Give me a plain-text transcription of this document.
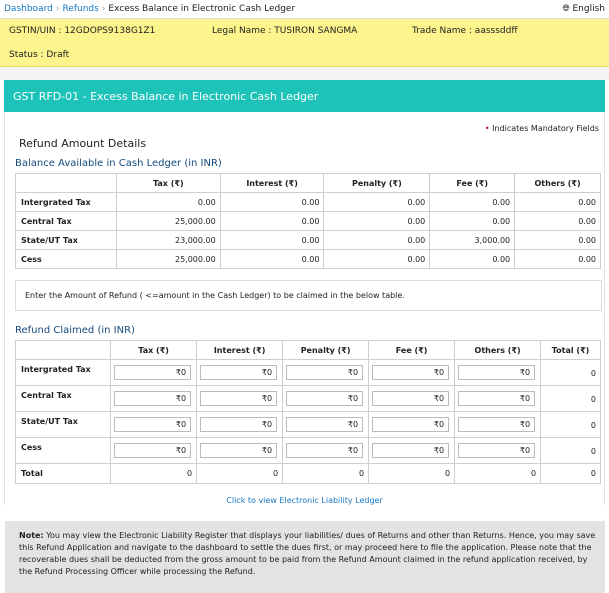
Dashboard › Refunds › Excess Balance in Electronic Cash Ledger	🌐︎ English
GSTIN/UIN : 12GDOPS9138G1Z1	Legal Name : TUSIRON SANGMA	Trade Name : aasssddff
Status : Draft
GST RFD-01 - Excess Balance in Electronic Cash Ledger
• Indicates Mandatory Fields
Refund Amount Details
Balance Available in Cash Ledger (in INR)
	Tax (₹)	Interest (₹)	Penalty (₹)	Fee (₹)	Others (₹)
Intergrated Tax	0.00	0.00	0.00	0.00	0.00
Central Tax	25,000.00	0.00	0.00	0.00	0.00
State/UT Tax	23,000.00	0.00	0.00	3,000.00	0.00
Cess	25,000.00	0.00	0.00	0.00	0.00
Enter the Amount of Refund ( <=amount in the Cash Ledger) to be claimed in the below table.
Refund Claimed (in INR)
	Tax (₹)	Interest (₹)	Penalty (₹)	Fee (₹)	Others (₹)	Total (₹)
Intergrated Tax	₹0	₹0	₹0	₹0	₹0	0
Central Tax	₹0	₹0	₹0	₹0	₹0	0
State/UT Tax	₹0	₹0	₹0	₹0	₹0	0
Cess	₹0	₹0	₹0	₹0	₹0	0
Total	0	0	0	0	0	0
Click to view Electronic Liability Ledger
Note: You may view the Electronic Liability Register that displays your liabilities/ dues of Returns and other than Returns. Hence, you may save this Refund Application and navigate to the dashboard to settle the dues first, or may proceed here to file the application. Please note that the recoverable dues shall be deducted from the gross amount to be paid from the Refund Amount claimed in the refund application received, by the Refund Processing Officer while processing the Refund.
